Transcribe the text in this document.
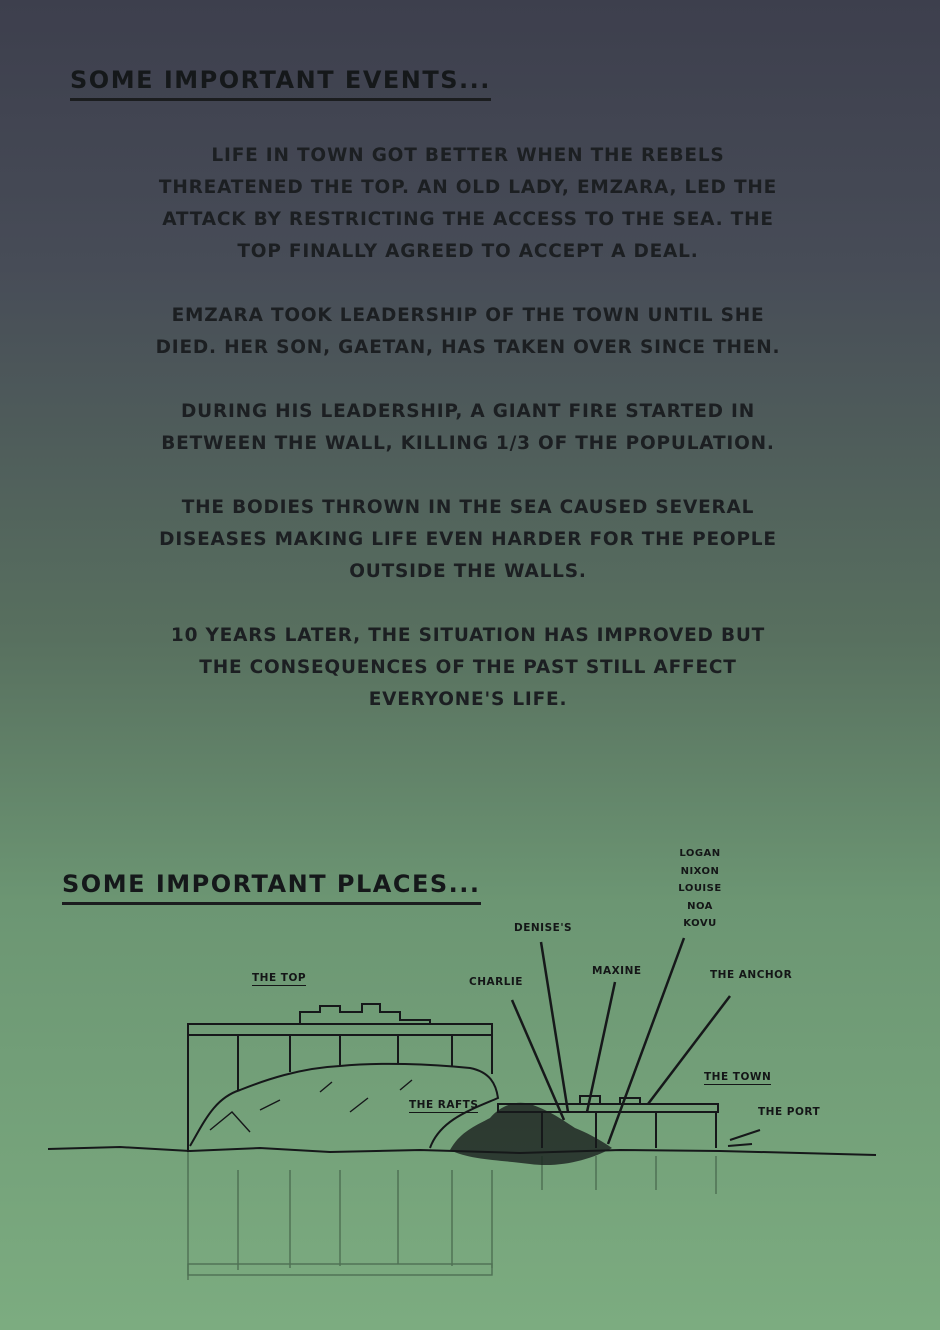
SOME IMPORTANT EVENTS...

LIFE IN TOWN GOT BETTER WHEN THE REBELS THREATENED THE TOP. AN OLD LADY, EMZARA, LED THE ATTACK BY RESTRICTING THE ACCESS TO THE SEA. THE TOP FINALLY AGREED TO ACCEPT A DEAL.

EMZARA TOOK LEADERSHIP OF THE TOWN UNTIL SHE DIED. HER SON, GAETAN, HAS TAKEN OVER SINCE THEN.

DURING HIS LEADERSHIP, A GIANT FIRE STARTED IN BETWEEN THE WALL, KILLING 1/3 OF THE POPULATION.

THE BODIES THROWN IN THE SEA CAUSED SEVERAL DISEASES MAKING LIFE EVEN HARDER FOR THE PEOPLE OUTSIDE THE WALLS.

10 YEARS LATER, THE SITUATION HAS IMPROVED BUT THE CONSEQUENCES OF THE PAST STILL AFFECT EVERYONE'S LIFE.

SOME IMPORTANT PLACES...
THE TOP
THE RAFTS
DENISE'S
CHARLIE
MAXINE	THE ANCHOR
THE TOWN
THE PORT
LOGAN
NIXON
LOUISE
NOA
KOVU
